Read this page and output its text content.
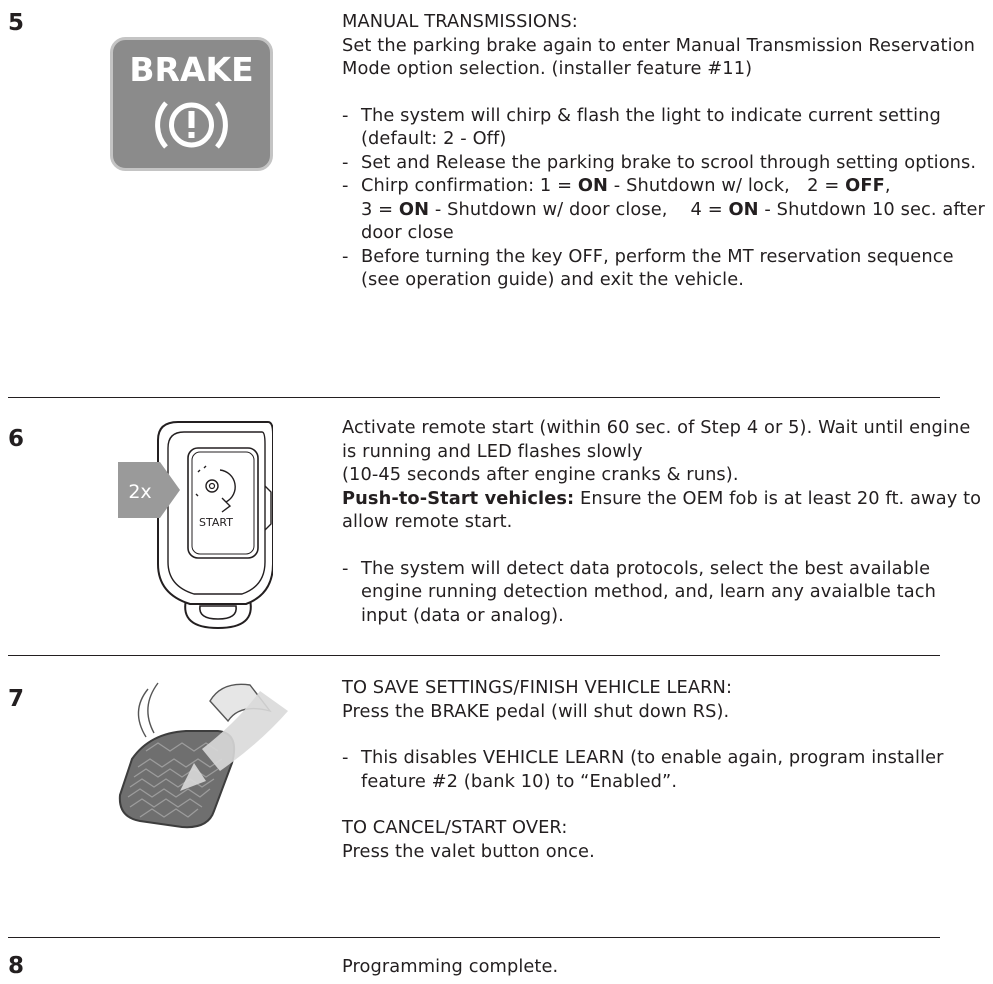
5
BRAKE
MANUAL TRANSMISSIONS:

Set the parking brake again to enter Manual Transmission Reservation Mode option selection. (installer feature #11)

- The system will chirp & flash the light to indicate current setting (default: 2 - Off)
- Set and Release the parking brake to scrool through setting options.
- Chirp confirmation: 1 = ON - Shutdown w/ lock,   2 = OFF,
3 = ON - Shutdown w/ door close,    4 = ON - Shutdown 10 sec. after door close
- Before turning the key OFF, perform the MT reservation sequence (see operation guide) and exit the vehicle.
6
START
2x

Activate remote start (within 60 sec. of Step 4 or 5). Wait until engine is running and LED flashes slowly

(10-45 seconds after engine cranks & runs).

Push-to-Start vehicles: Ensure the OEM fob is at least 20 ft. away to allow remote start.

- The system will detect data protocols, select the best available engine running detection method, and, learn any avaialble tach input (data or analog).
7	TO SAVE SETTINGS/FINISH VEHICLE LEARN:

Press the BRAKE pedal (will shut down RS).

- This disables VEHICLE LEARN (to enable again, program installer feature #2 (bank 10) to “Enabled”.
TO CANCEL/START OVER:

Press the valet button once.

8	Programming complete.
